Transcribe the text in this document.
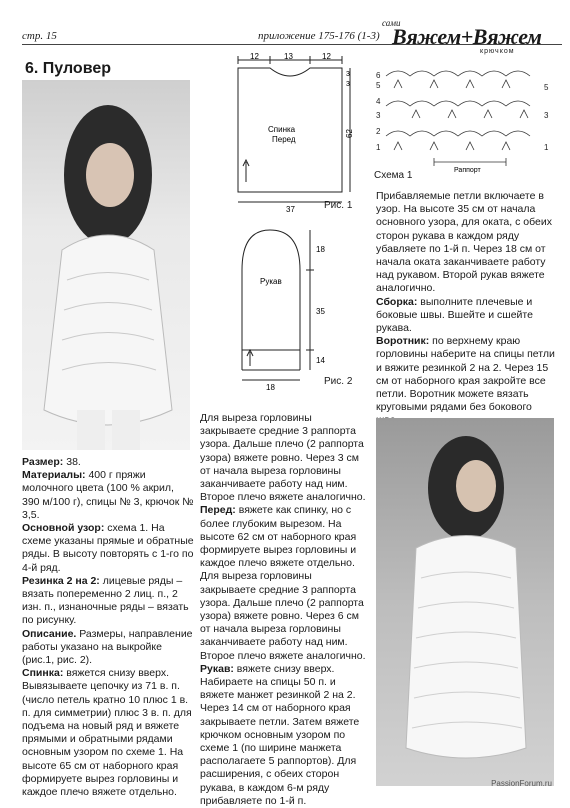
стр. 15	приложение 175-176 (1-3)
сами
Вяжем+Вяжем
крючком
6. Пуловер
12	13	12
3
3
62
37
Спинка
Перед
Рис. 1
18
35
14
18
Рукав
Рис. 2
6
5
4
3
2
1
5
3
1
Раппорт
Схема 1

Прибавляемые петли включаете в узор. На высоте 35 см от начала основного узора, для оката, с обеих сторон рукава в каждом ряду убавляете по 1-й п. Через 18 см от начала оката заканчиваете работу над рукавом. Второй рукав вяжете аналогично.

Сборка: выполните плечевые и боковые швы. Вшейте и сшейте рукава.

Воротник: по верхнему краю горловины наберите на спицы петли и вяжите резинкой 2 на 2. Через 15 см от наборного края закройте все петли. Воротник можете вязать круговыми рядами без бокового

Размер: 38.

Материалы: 400 г пряжи молочного цвета (100 % акрил, 390 м/100 г), спицы № 3, крючок № 3,5.

Основной узор: схема 1. На схеме указаны прямые и обратные ряды. В высоту повторять с 1-го по 4-й ряд.

Резинка 2 на 2: лицевые ряды – вязать попеременно 2 лиц. п., 2 изн. п., изнаночные ряды – вязать по рисунку.

Описание. Размеры, направление работы указано на выкройке (рис.1, рис. 2).

Спинка: вяжется снизу вверх. Вывязываете цепочку из 71 в. п. (число петель кратно 10 плюс 1 в. п. для симметрии) плюс 3 в. п. для подъема на новый ряд и вяжете прямыми и обратными рядами основным узором по схеме 1. На высоте 65 см от наборного края формируете вырез горловины и каждое плечо вяжете отдельно.

Для выреза горловины закрываете средние 3 раппорта узора. Дальше плечо (2 раппорта узора) вяжете ровно. Через 3 см от начала выреза горловины заканчиваете работу над ним. Второе плечо вяжете аналогично.

Перед: вяжете как спинку, но с более глубоким вырезом. На высоте 62 см от наборного края формируете вырез горловины и каждое плечо вяжете отдельно. Для выреза горловины закрываете средние 3 раппорта узора. Дальше плечо (2 раппорта узора) вяжете ровно. Через 6 см от начала выреза горловины заканчиваете работу над ним. Второе плечо вяжете аналогично.

Рукав: вяжете снизу вверх. Набираете на спицы 50 п. и вяжете манжет резинкой 2 на 2. Через 14 см от наборного края закрываете петли. Затем вяжете крючком основным узором по схеме 1 (по ширине манжета располагаете 5 раппортов). Для расширения, с обеих сторон рукава, в каждом 6-м ряду прибавляете по 1-й п.

PassionForum.ru
